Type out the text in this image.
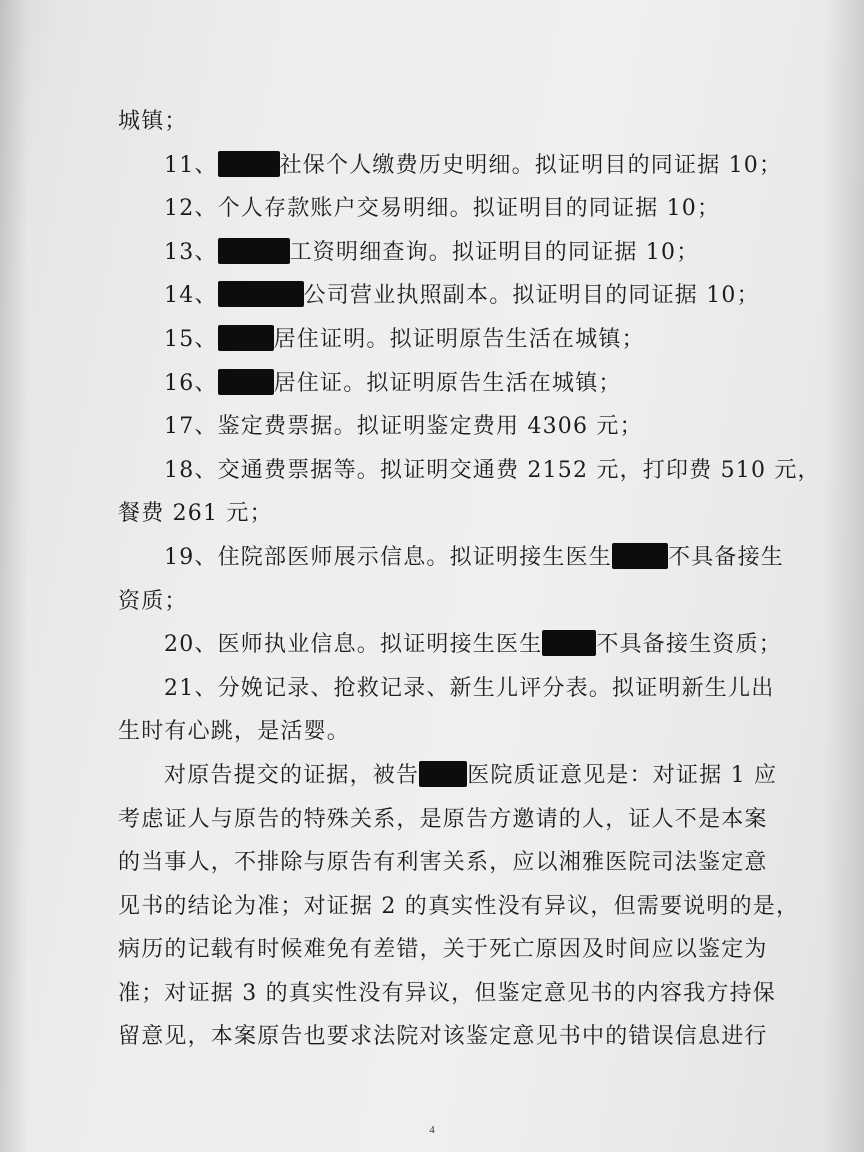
城镇；
11、	社保个人缴费历史明细。拟证明目的同证据 10；
12、个人存款账户交易明细。拟证明目的同证据 10；
13、	工资明细查询。拟证明目的同证据 10；
14、	公司营业执照副本。拟证明目的同证据 10；
15、	居住证明。拟证明原告生活在城镇；
16、	居住证。拟证明原告生活在城镇；
17、鉴定费票据。拟证明鉴定费用 4306 元；
18、交通费票据等。拟证明交通费 2152 元，打印费 510 元，
餐费 261 元；
19、住院部医师展示信息。拟证明接生医生	不具备接生
资质；
20、医师执业信息。拟证明接生医生 不具备接生资质；
21、分娩记录、抢救记录、新生儿评分表。拟证明新生儿出
生时有心跳，是活婴。
对原告提交的证据，被告 医院质证意见是：对证据 1 应
考虑证人与原告的特殊关系，是原告方邀请的人，证人不是本案
的当事人，不排除与原告有利害关系，应以湘雅医院司法鉴定意
见书的结论为准；对证据 2 的真实性没有异议，但需要说明的是，
病历的记载有时候难免有差错，关于死亡原因及时间应以鉴定为
准；对证据 3 的真实性没有异议，但鉴定意见书的内容我方持保
留意见，本案原告也要求法院对该鉴定意见书中的错误信息进行
4
